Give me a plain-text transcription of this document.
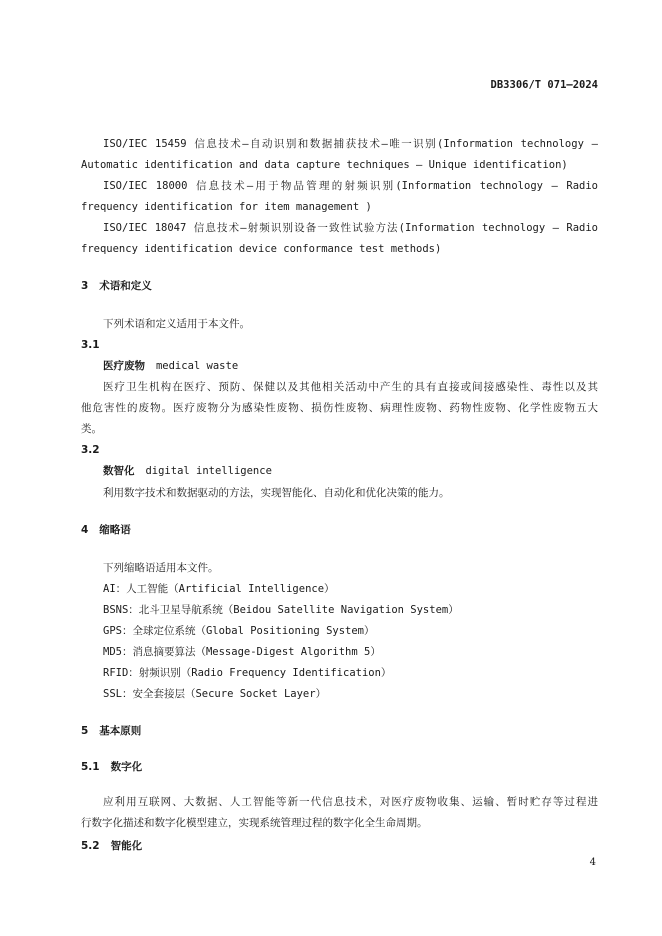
DB3306/T 071—2024
ISO/IEC 15459 信息技术—自动识别和数据捕获技术—唯一识别(Information technology —
Automatic identification and data capture techniques — Unique identification)
ISO/IEC 18000 信息技术—用于物品管理的射频识别(Information technology – Radio
frequency identification for item management )
ISO/IEC 18047 信息技术—射频识别设备一致性试验方法(Information technology – Radio
frequency identification device conformance test methods)
3 术语和定义
下列术语和定义适用于本文件。
3.1
医疗废物 medical waste
医疗卫生机构在医疗、预防、保健以及其他相关活动中产生的具有直接或间接感染性、毒性以及其
他危害性的废物。医疗废物分为感染性废物、损伤性废物、病理性废物、药物性废物、化学性废物五大
类。
3.2
数智化 digital intelligence
利用数字技术和数据驱动的方法，实现智能化、自动化和优化决策的能力。
4 缩略语
下列缩略语适用本文件。
AI：人工智能（Artificial Intelligence）
BSNS：北斗卫星导航系统（Beidou Satellite Navigation System）
GPS：全球定位系统（Global Positioning System）
MD5：消息摘要算法（Message-Digest Algorithm 5）
RFID：射频识别（Radio Frequency Identification）
SSL：安全套接层（Secure Socket Layer）
5 基本原则
5.1 数字化
应利用互联网、大数据、人工智能等新一代信息技术，对医疗废物收集、运输、暂时贮存等过程进
行数字化描述和数字化模型建立，实现系统管理过程的数字化全生命周期。
5.2 智能化
4
